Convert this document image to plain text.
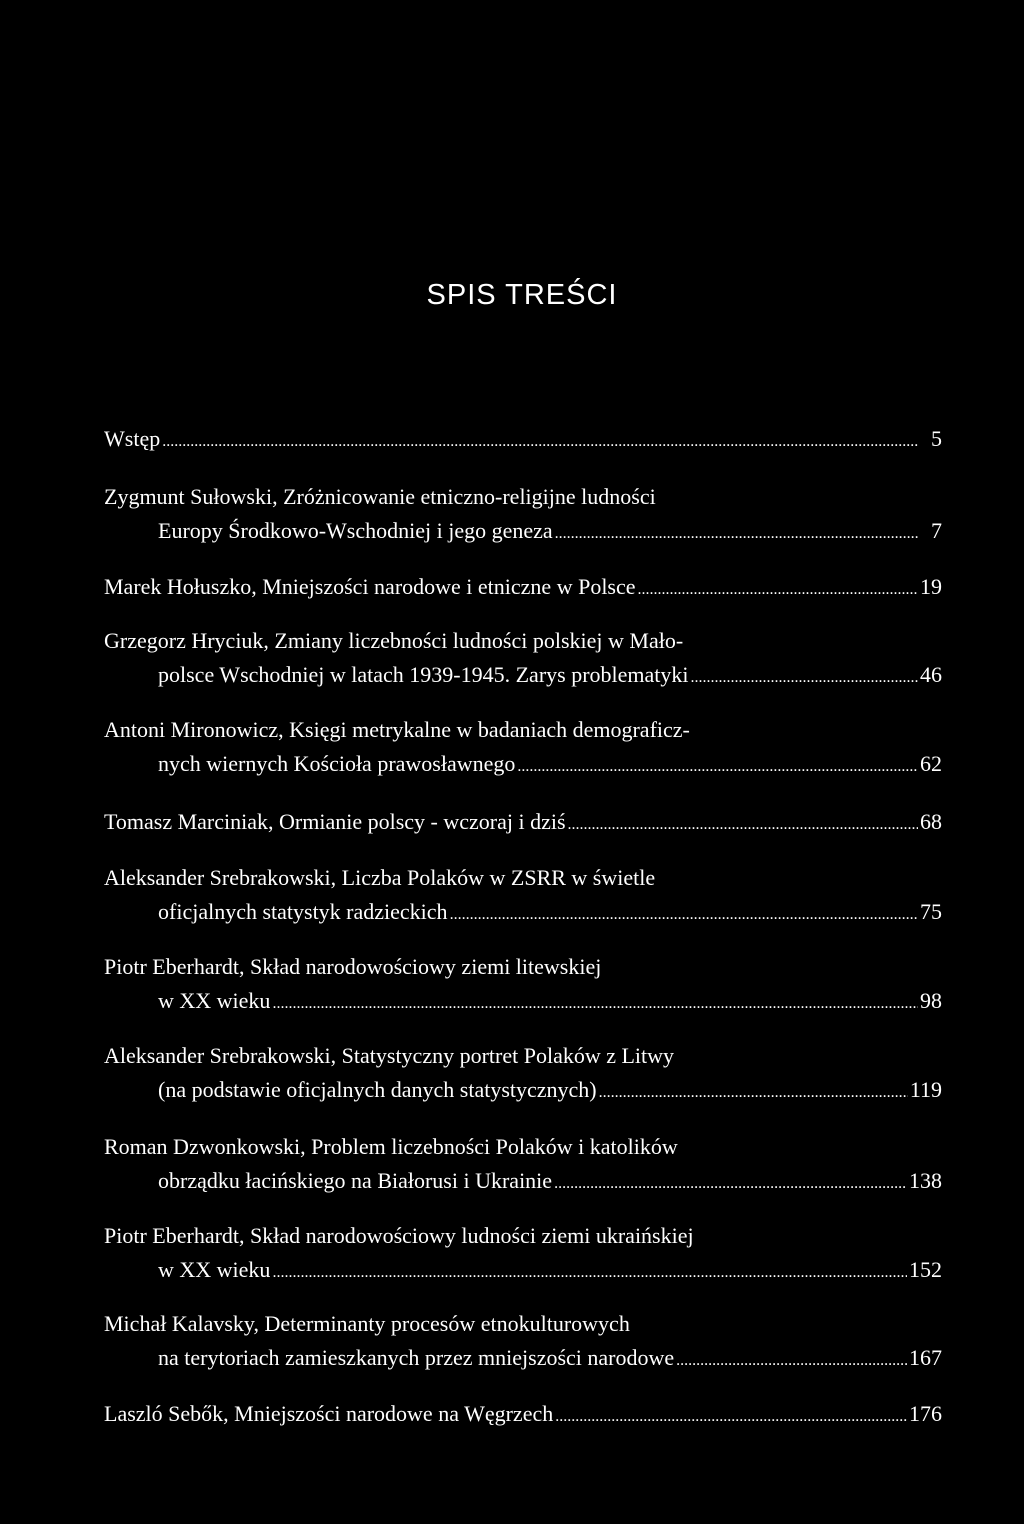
SPIS TREŚCI
Wstęp .....	5
Zygmunt Sułowski, Zróżnicowanie etniczno-religijne ludności
Europy Środkowo-Wschodniej i jego geneza .....	7
Marek Hołuszko, Mniejszości narodowe i etniczne w Polsce .....	19
Grzegorz Hryciuk, Zmiany liczebności ludności polskiej w Mało-
polsce Wschodniej w latach 1939-1945. Zarys problematyki .....	46
Antoni Mironowicz, Księgi metrykalne w badaniach demograficz-
nych wiernych Kościoła prawosławnego .....	62
Tomasz Marciniak, Ormianie polscy - wczoraj i dziś .....	68
Aleksander Srebrakowski, Liczba Polaków w ZSRR w świetle
oficjalnych statystyk radzieckich .....	75
Piotr Eberhardt, Skład narodowościowy ziemi litewskiej
w XX wieku .....	98
Aleksander Srebrakowski, Statystyczny portret Polaków z Litwy
(na podstawie oficjalnych danych statystycznych) .....	119
Roman Dzwonkowski, Problem liczebności Polaków i katolików
obrządku łacińskiego na Białorusi i Ukrainie .....	138
Piotr Eberhardt, Skład narodowościowy ludności ziemi ukraińskiej
w XX wieku .....	152
Michał Kalavsky, Determinanty procesów etnokulturowych
na terytoriach zamieszkanych przez mniejszości narodowe .....	167
Laszló Sebők, Mniejszości narodowe na Węgrzech .....	176
